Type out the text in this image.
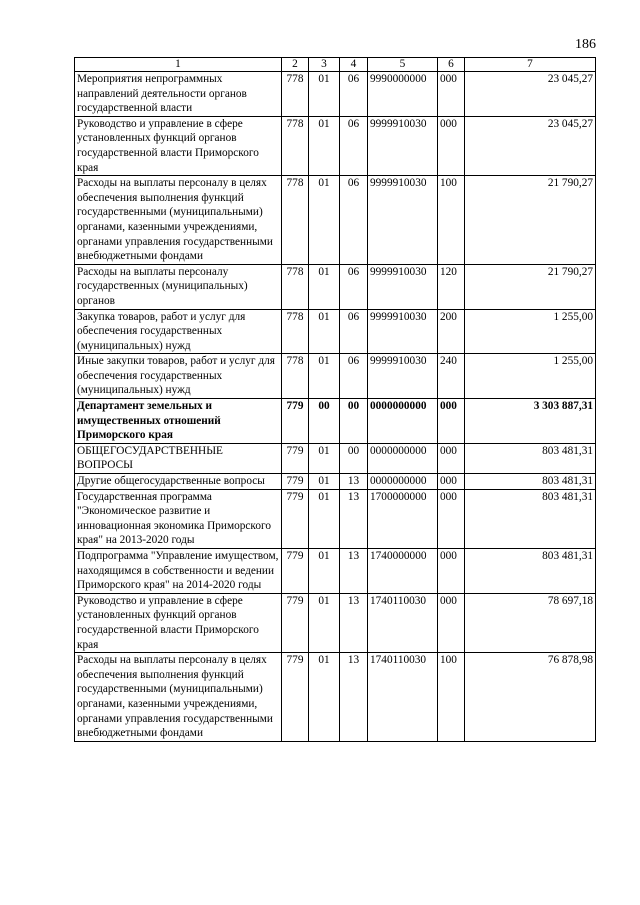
186
1	2	3	4	5	6	7
Мероприятия непрограммных направлений деятельности органов государственной власти	778	01	06	9990000000	000	23 045,27
Руководство и управление в сфере установленных функций органов государственной власти Приморского края	778	01	06	9999910030	000	23 045,27
Расходы на выплаты персоналу в целях обеспечения выполнения функций государственными (муниципальными) органами, казенными учреждениями, органами управления государственными внебюджетными фондами	778	01	06	9999910030	100	21 790,27
Расходы на выплаты персоналу государственных (муниципальных) органов	778	01	06	9999910030	120	21 790,27
Закупка товаров, работ и услуг для обеспечения государственных (муниципальных) нужд	778	01	06	9999910030	200	1 255,00
Иные закупки товаров, работ и услуг для обеспечения государственных (муниципальных) нужд	778	01	06	9999910030	240	1 255,00
Департамент земельных и имущественных отношений Приморского края	779	00	00	0000000000	000	3 303 887,31
ОБЩЕГОСУДАРСТВЕННЫЕ ВОПРОСЫ	779	01	00	0000000000	000	803 481,31
Другие общегосударственные вопросы	779	01	13	0000000000	000	803 481,31
Государственная программа "Экономическое развитие и инновационная экономика Приморского края" на 2013-2020 годы	779	01	13	1700000000	000	803 481,31
Подпрограмма "Управление имуществом, находящимся в собственности и ведении Приморского края" на 2014-2020 годы	779	01	13	1740000000	000	803 481,31
Руководство и управление в сфере установленных функций органов государственной власти Приморского края	779	01	13	1740110030	000	78 697,18
Расходы на выплаты персоналу в целях обеспечения выполнения функций государственными (муниципальными) органами, казенными учреждениями, органами управления государственными внебюджетными фондами	779	01	13	1740110030	100	76 878,98
